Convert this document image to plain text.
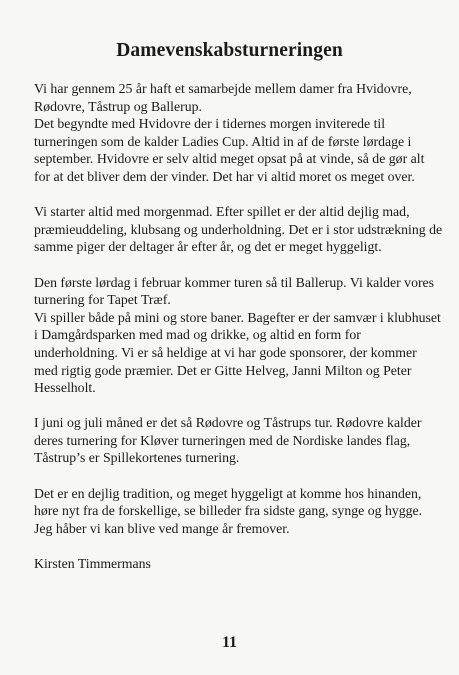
Damevenskabsturneringen
Vi har gennem 25 år haft et samarbejde mellem damer fra Hvidovre,
Rødovre, Tåstrup og Ballerup.
Det begyndte med Hvidovre der i tidernes morgen inviterede til
turneringen som de kalder Ladies Cup. Altid in af de første lørdage i
september. Hvidovre er selv altid meget opsat på at vinde, så de gør alt
for at det bliver dem der vinder. Det har vi altid moret os meget over.
Vi starter altid med morgenmad. Efter spillet er der altid dejlig mad,
præmieuddeling, klubsang og underholdning. Det er i stor udstrækning de
samme piger der deltager år efter år, og det er meget hyggeligt.
Den første lørdag i februar kommer turen så til Ballerup. Vi kalder vores
turnering for Tapet Træf.
Vi spiller både på mini og store baner. Bagefter er der samvær i klubhuset
i Damgårdsparken med mad og drikke, og altid en form for
underholdning. Vi er så heldige at vi har gode sponsorer, der kommer
med rigtig gode præmier. Det er Gitte Helveg, Janni Milton og Peter
Hesselholt.
I juni og juli måned er det så Rødovre og Tåstrups tur. Rødovre kalder
deres turnering for Kløver turneringen med de Nordiske landes flag,
Tåstrup’s er Spillekortenes turnering.
Det er en dejlig tradition, og meget hyggeligt at komme hos hinanden,
høre nyt fra de forskellige, se billeder fra sidste gang, synge og hygge.
Jeg håber vi kan blive ved mange år fremover.
Kirsten Timmermans
11
